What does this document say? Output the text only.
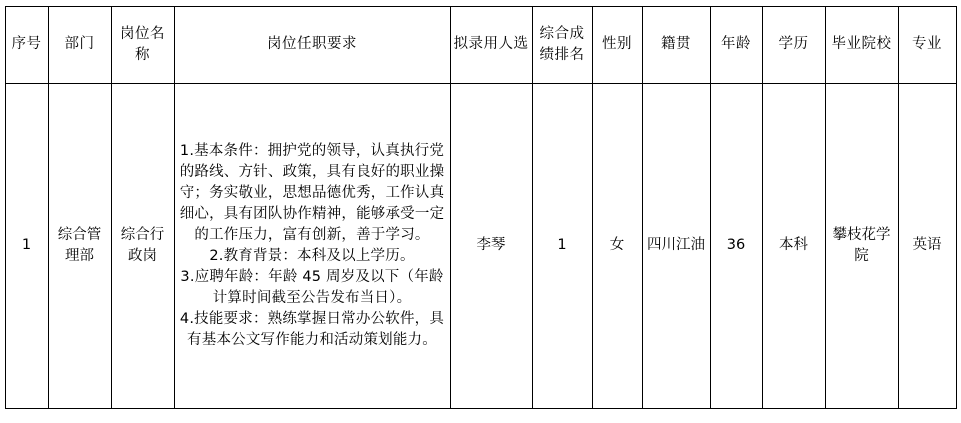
序号	部门	岗位名称	岗位任职要求	拟录用人选	综合成绩排名	性别	籍贯	年龄	学历	毕业院校	专业
1	综合管理部	综合行政岗	1.基本条件：拥护党的领导，认真执行党的路线、方针、政策，具有良好的职业操守；务实敬业，思想品德优秀，工作认真细心，具有团队协作精神，能够承受一定的工作压力，富有创新，善于学习。

2.教育背景：本科及以上学历。

3.应聘年龄：年龄 45 周岁及以下（年龄计算时间截至公告发布当日）。

4.技能要求：熟练掌握日常办公软件，具有基本公文写作能力和活动策划能力。	李琴	1	女	四川江油	36	本科	攀枝花学院	英语
